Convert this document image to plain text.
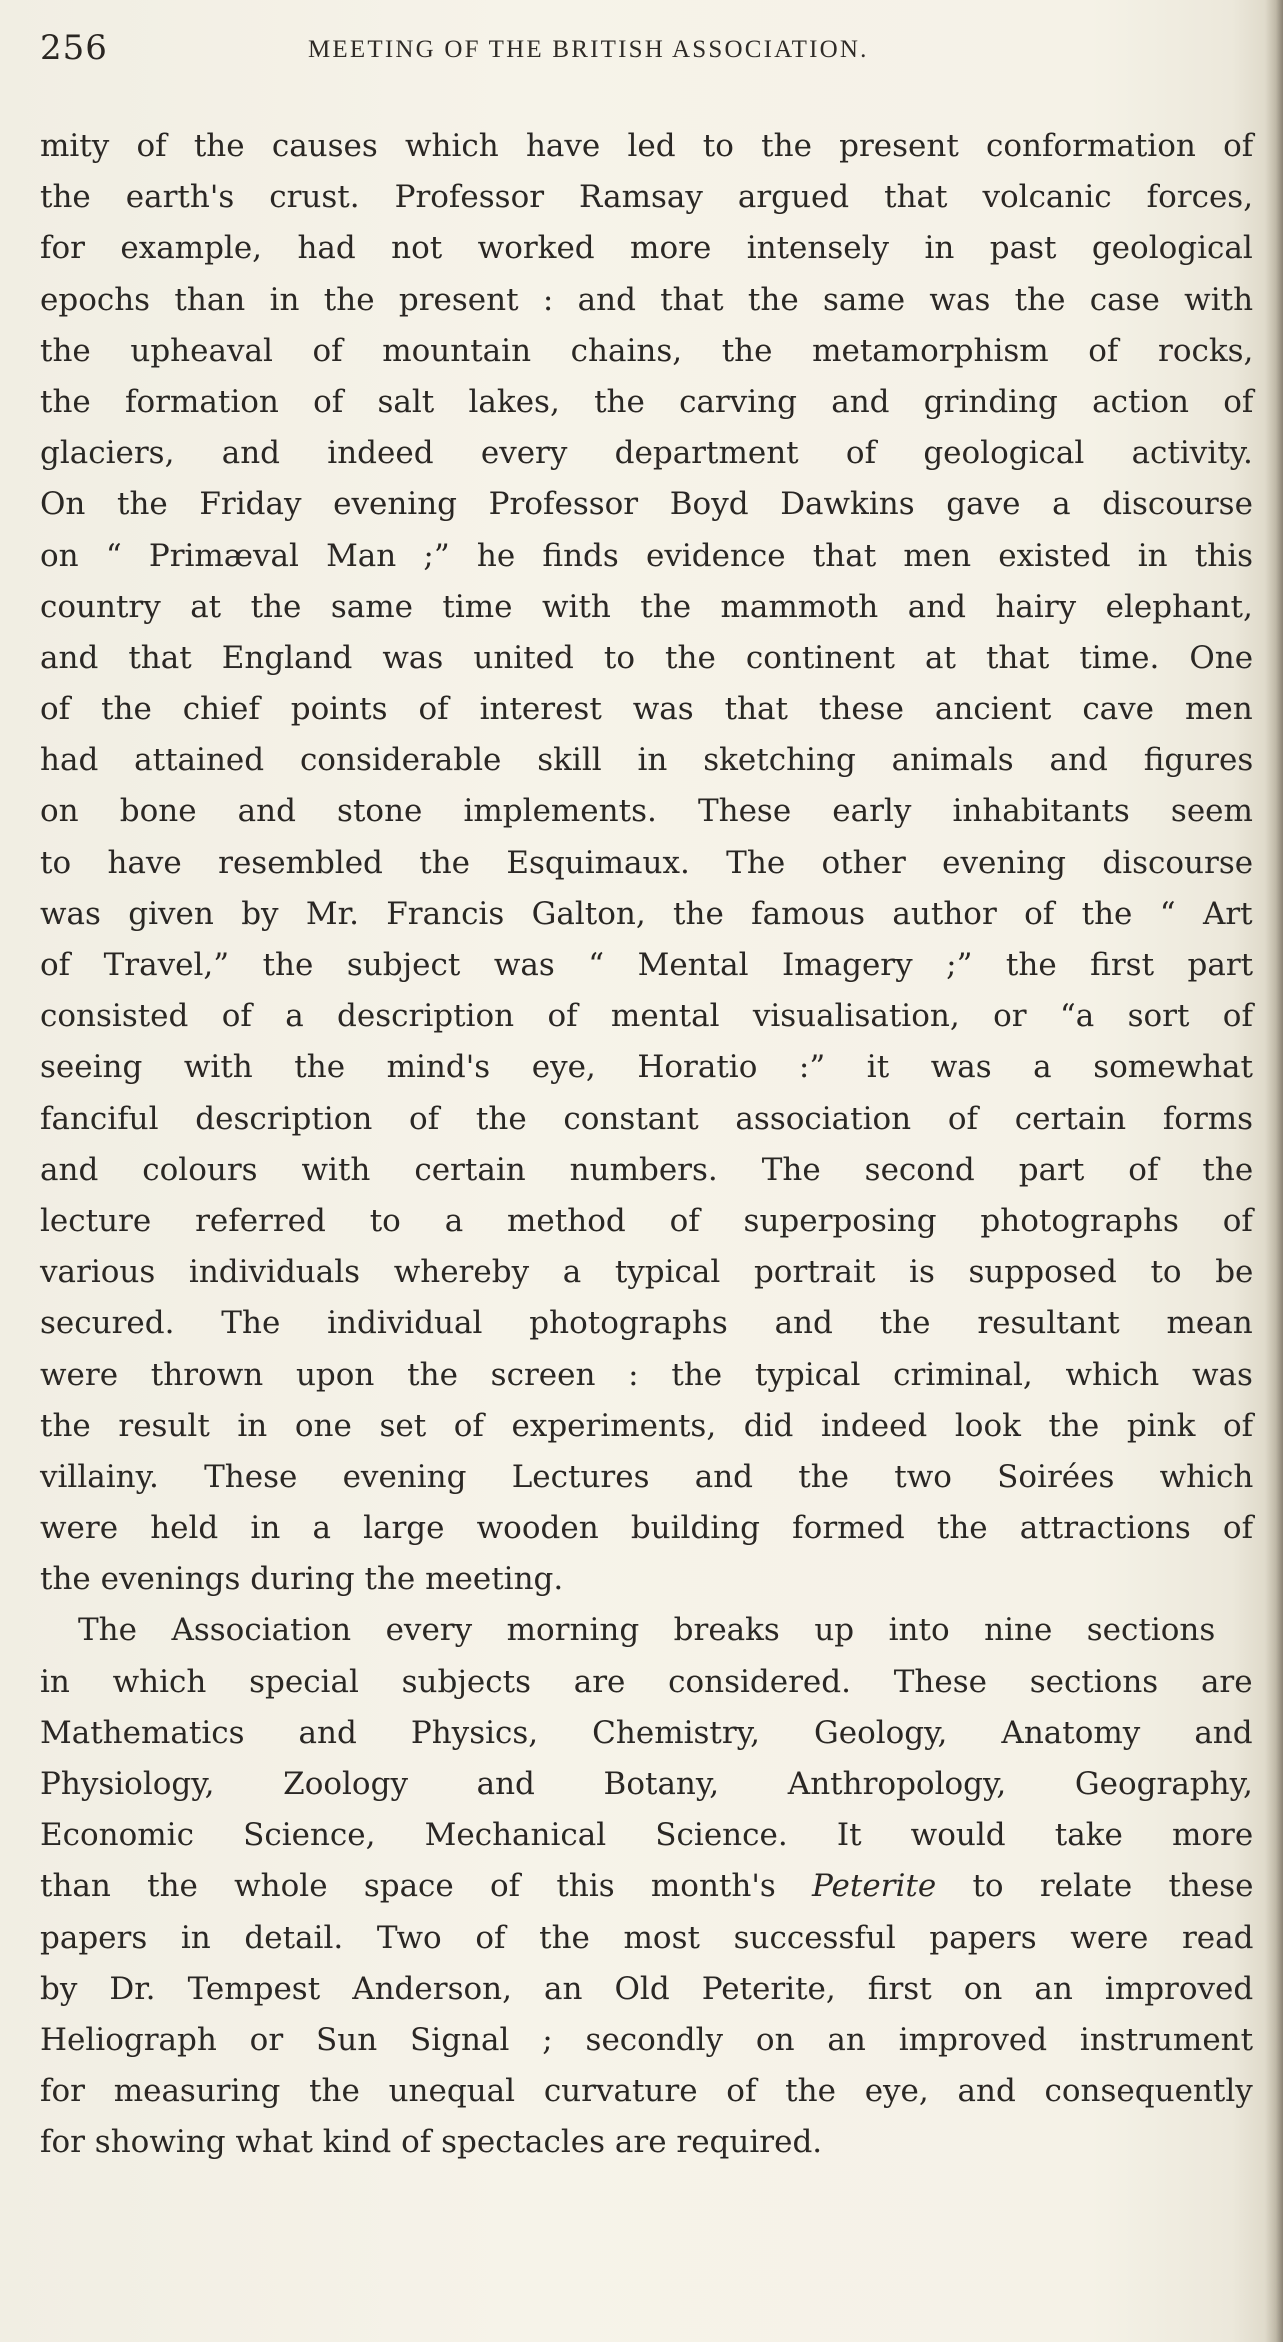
256	MEETING OF THE BRITISH ASSOCIATION.

mity of the causes which have led to the present conformation of
the earth's crust. Professor Ramsay argued that volcanic forces,
for example, had not worked more intensely in past geological
epochs than in the present : and that the same was the case with
the upheaval of mountain chains, the metamorphism of rocks,
the formation of salt lakes, the carving and grinding action of
glaciers, and indeed every department of geological activity.
On the Friday evening Professor Boyd Dawkins gave a discourse
on “ Primæval Man ;” he finds evidence that men existed in this
country at the same time with the mammoth and hairy elephant,
and that England was united to the continent at that time. One
of the chief points of interest was that these ancient cave men
had attained considerable skill in sketching animals and figures
on bone and stone implements. These early inhabitants seem
to have resembled the Esquimaux. The other evening discourse
was given by Mr. Francis Galton, the famous author of the “ Art
of Travel,” the subject was “ Mental Imagery ;” the first part
consisted of a description of mental visualisation, or “a sort of
seeing with the mind's eye, Horatio :” it was a somewhat
fanciful description of the constant association of certain forms
and colours with certain numbers. The second part of the
lecture referred to a method of superposing photographs of
various individuals whereby a typical portrait is supposed to be
secured. The individual photographs and the resultant mean
were thrown upon the screen : the typical criminal, which was
the result in one set of experiments, did indeed look the pink of
villainy. These evening Lectures and the two Soirées which
were held in a large wooden building formed the attractions of
the evenings during the meeting.

The Association every morning breaks up into nine sections
in which special subjects are considered. These sections are
Mathematics and Physics, Chemistry, Geology, Anatomy and
Physiology, Zoology and Botany, Anthropology, Geography,
Economic Science, Mechanical Science. It would take more
than the whole space of this month's Peterite to relate these
papers in detail. Two of the most successful papers were read
by Dr. Tempest Anderson, an Old Peterite, first on an improved
Heliograph or Sun Signal ; secondly on an improved instrument
for measuring the unequal curvature of the eye, and consequently
for showing what kind of spectacles are required.
